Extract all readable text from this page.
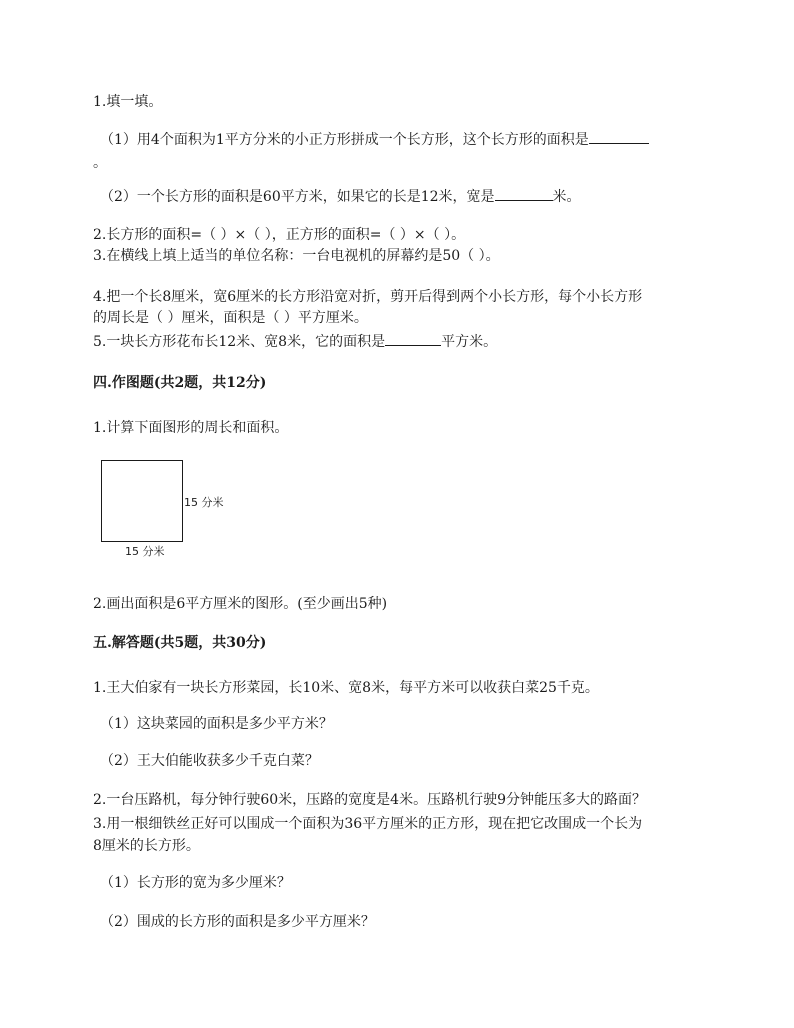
1.填一填。
（1）用4个面积为1平方分米的小正方形拼成一个长方形，这个长方形的面积是
。
（2）一个长方形的面积是60平方米，如果它的长是12米，宽是	米。
2.长方形的面积=（ ）×（ ），正方形的面积=（ ）×（ ）。
3.在横线上填上适当的单位名称：一台电视机的屏幕约是50（ ）。
4.把一个长8厘米，宽6厘米的长方形沿宽对折，剪开后得到两个小长方形，每个小长方形
的周长是（ ）厘米，面积是（ ）平方厘米。
5.一块长方形花布长12米、宽8米，它的面积是	平方米。
四.作图题(共2题，共12分)
1.计算下面图形的周长和面积。
15 分米
15 分米
2.画出面积是6平方厘米的图形。(至少画出5种)
五.解答题(共5题，共30分)
1.王大伯家有一块长方形菜园，长10米、宽8米，每平方米可以收获白菜25千克。
（1）这块菜园的面积是多少平方米？
（2）王大伯能收获多少千克白菜？
2.一台压路机，每分钟行驶60米，压路的宽度是4米。压路机行驶9分钟能压多大的路面？
3.用一根细铁丝正好可以围成一个面积为36平方厘米的正方形，现在把它改围成一个长为
8厘米的长方形。
（1）长方形的宽为多少厘米？
（2）围成的长方形的面积是多少平方厘米？
